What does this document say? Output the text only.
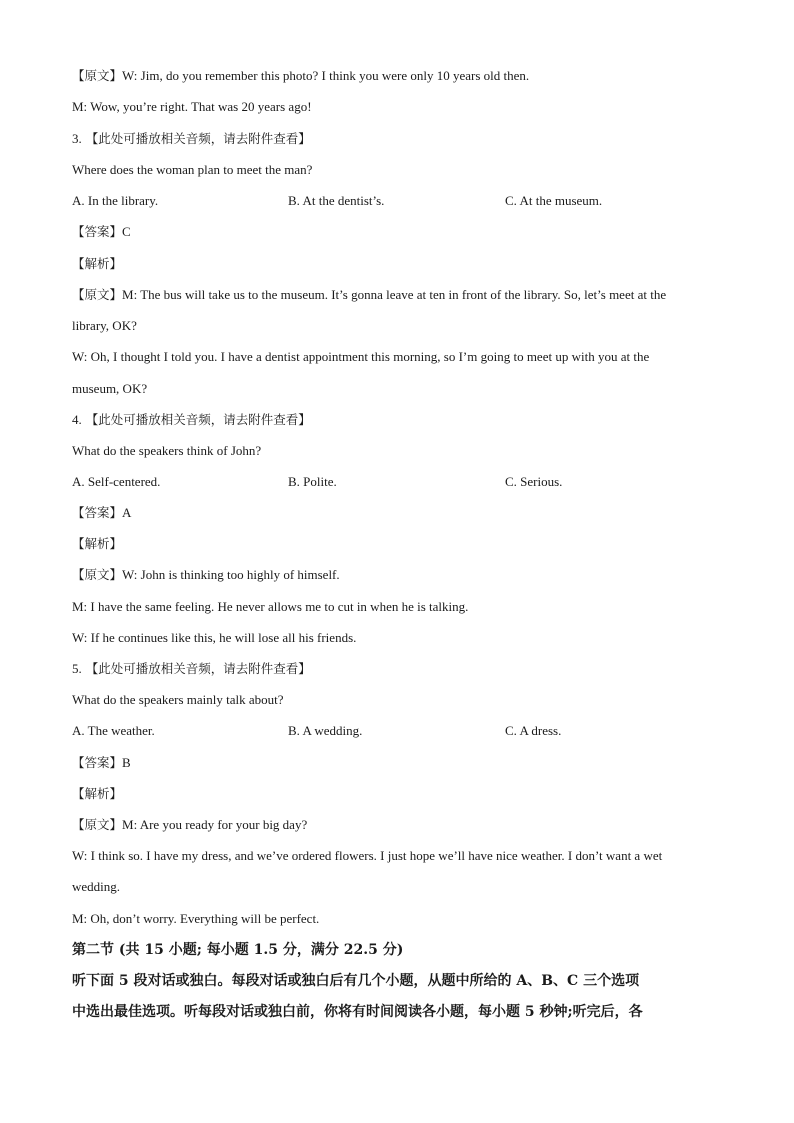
【原文】W: Jim, do you remember this photo? I think you were only 10 years old then.
M: Wow, you’re right. That was 20 years ago!
3. 【此处可播放相关音频，请去附件查看】
Where does the woman plan to meet the man?
A. In the library.	B. At the dentist’s.	C. At the museum.
【答案】C
【解析】
【原文】M: The bus will take us to the museum. It’s gonna leave at ten in front of the library. So, let’s meet at the
library, OK?
W: Oh, I thought I told you. I have a dentist appointment this morning, so I’m going to meet up with you at the
museum, OK?
4. 【此处可播放相关音频，请去附件查看】
What do the speakers think of John?
A. Self-centered.	B. Polite.	C. Serious.
【答案】A
【解析】
【原文】W: John is thinking too highly of himself.
M: I have the same feeling. He never allows me to cut in when he is talking.
W: If he continues like this, he will lose all his friends.
5. 【此处可播放相关音频，请去附件查看】
What do the speakers mainly talk about?
A. The weather.	B. A wedding.	C. A dress.
【答案】B
【解析】
【原文】M: Are you ready for your big day?
W: I think so. I have my dress, and we’ve ordered flowers. I just hope we’ll have nice weather. I don’t want a wet
wedding.
M: Oh, don’t worry. Everything will be perfect.
第二节 (共 15 小题; 每小题 1.5 分，满分 22.5 分)
听下面 5 段对话或独白。每段对话或独白后有几个小题，从题中所给的 A、B、C 三个选项
中选出最佳选项。听每段对话或独白前，你将有时间阅读各小题，每小题 5 秒钟;听完后，各
